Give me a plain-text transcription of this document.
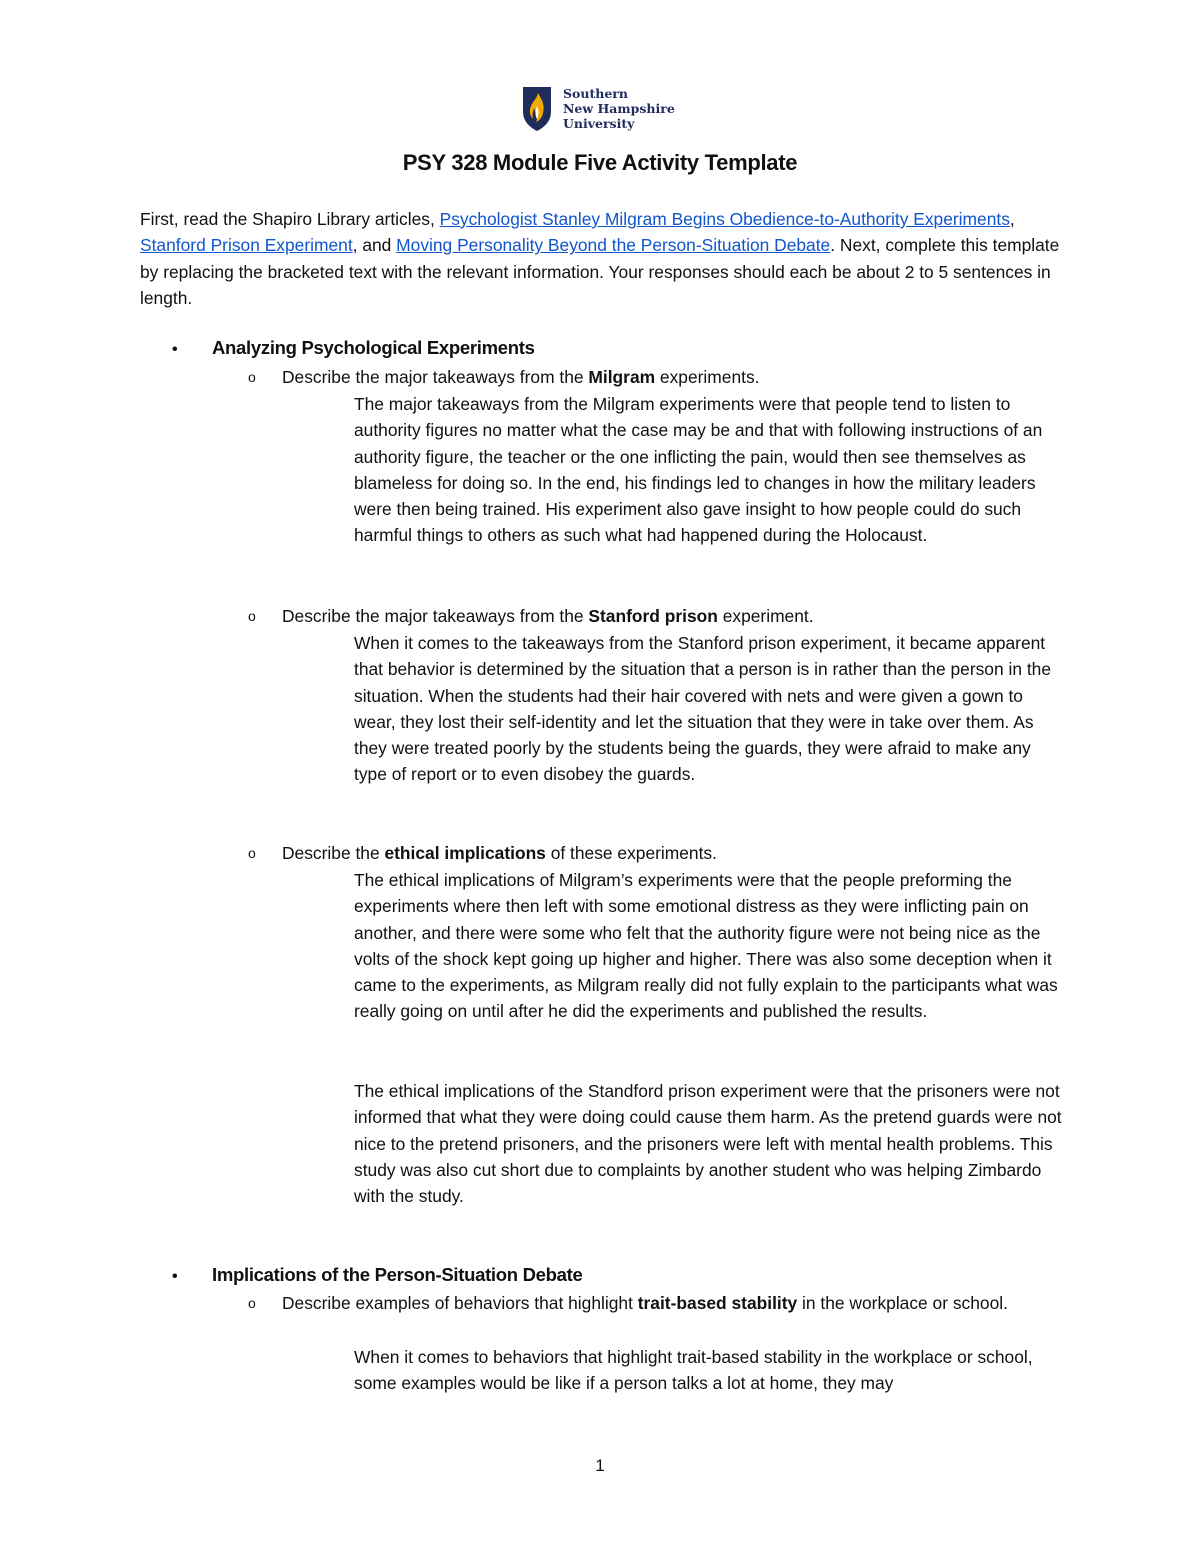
Southern
New Hampshire
University
PSY 328 Module Five Activity Template
First, read the Shapiro Library articles, Psychologist Stanley Milgram Begins Obedience-to-Authority Experiments, Stanford Prison Experiment, and Moving Personality Beyond the Person-Situation Debate. Next, complete this template by replacing the bracketed text with the relevant information. Your responses should each be about 2 to 5 sentences in length.
• Analyzing Psychological Experiments
o Describe the major takeaways from the Milgram experiments.
The major takeaways from the Milgram experiments were that people tend to listen to authority figures no matter what the case may be and that with following instructions of an authority figure, the teacher or the one inflicting the pain, would then see themselves as blameless for doing so. In the end, his findings led to changes in how the military leaders were then being trained. His experiment also gave insight to how people could do such harmful things to others as such what had happened during the Holocaust.
o Describe the major takeaways from the Stanford prison experiment.
When it comes to the takeaways from the Stanford prison experiment, it became apparent that behavior is determined by the situation that a person is in rather than the person in the situation. When the students had their hair covered with nets and were given a gown to wear, they lost their self-identity and let the situation that they were in take over them. As they were treated poorly by the students being the guards, they were afraid to make any type of report or to even disobey the guards.
o Describe the ethical implications of these experiments.
The ethical implications of Milgram’s experiments were that the people preforming the experiments where then left with some emotional distress as they were inflicting pain on another, and there were some who felt that the authority figure were not being nice as the volts of the shock kept going up higher and higher. There was also some deception when it came to the experiments, as Milgram really did not fully explain to the participants what was really going on until after he did the experiments and published the results.
The ethical implications of the Standford prison experiment were that the prisoners were not informed that what they were doing could cause them harm. As the pretend guards were not nice to the pretend prisoners, and the prisoners were left with mental health problems. This study was also cut short due to complaints by another student who was helping Zimbardo with the study.
• Implications of the Person-Situation Debate
o Describe examples of behaviors that highlight trait-based stability in the workplace or school.
When it comes to behaviors that highlight trait-based stability in the workplace or school, some examples would be like if a person talks a lot at home, they may
1
